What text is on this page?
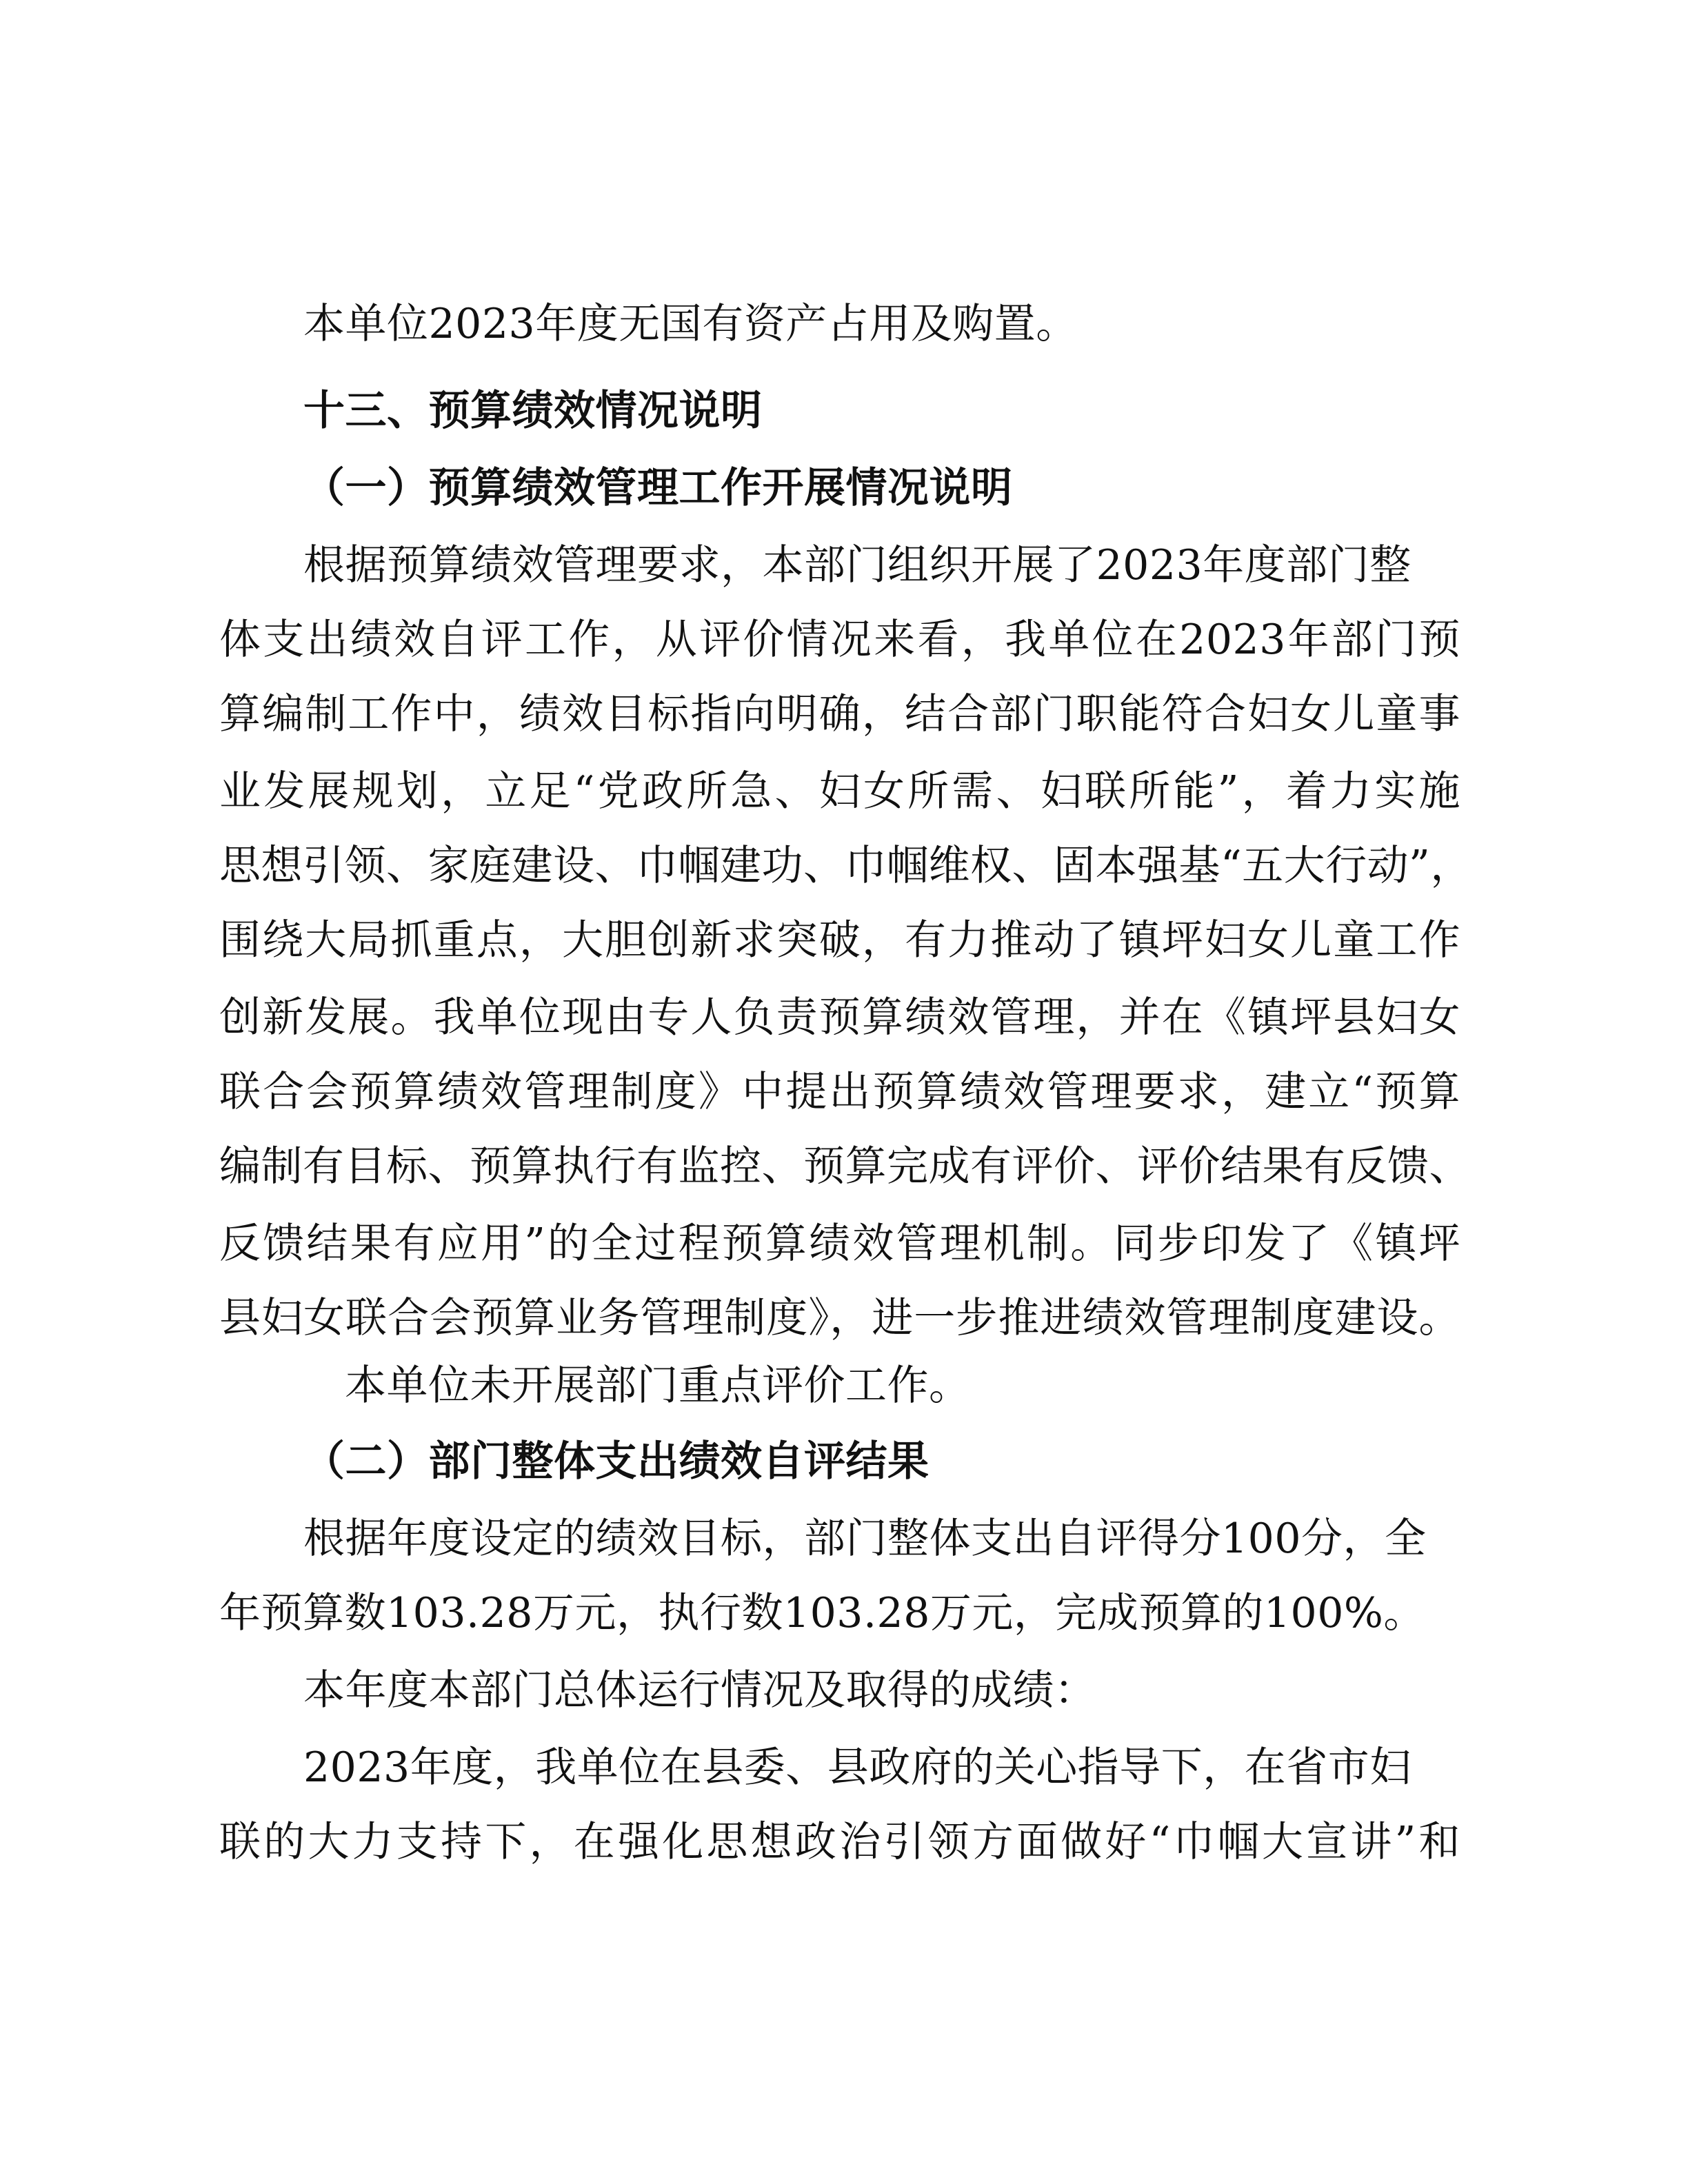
本单位2023年度无国有资产占用及购置。
十三、预算绩效情况说明
（一）预算绩效管理工作开展情况说明
根据预算绩效管理要求，本部门组织开展了2023年度部门整
体支出绩效自评工作，从评价情况来看，我单位在2023年部门预
算编制工作中，绩效目标指向明确，结合部门职能符合妇女儿童事
业发展规划，立足“党政所急、妇女所需、妇联所能”，着力实施
思想引领、家庭建设、巾帼建功、巾帼维权、固本强基“五大行动”，
围绕大局抓重点，大胆创新求突破，有力推动了镇坪妇女儿童工作
创新发展。我单位现由专人负责预算绩效管理，并在《镇坪县妇女
联合会预算绩效管理制度》中提出预算绩效管理要求，建立“预算
编制有目标、预算执行有监控、预算完成有评价、评价结果有反馈、
反馈结果有应用”的全过程预算绩效管理机制。同步印发了《镇坪
县妇女联合会预算业务管理制度》，进一步推进绩效管理制度建设。
本单位未开展部门重点评价工作。
（二）部门整体支出绩效自评结果
根据年度设定的绩效目标，部门整体支出自评得分100分，全
年预算数103.28万元，执行数103.28万元，完成预算的100%。
本年度本部门总体运行情况及取得的成绩：
2023年度，我单位在县委、县政府的关心指导下，在省市妇
联的大力支持下，在强化思想政治引领方面做好“巾帼大宣讲”和
